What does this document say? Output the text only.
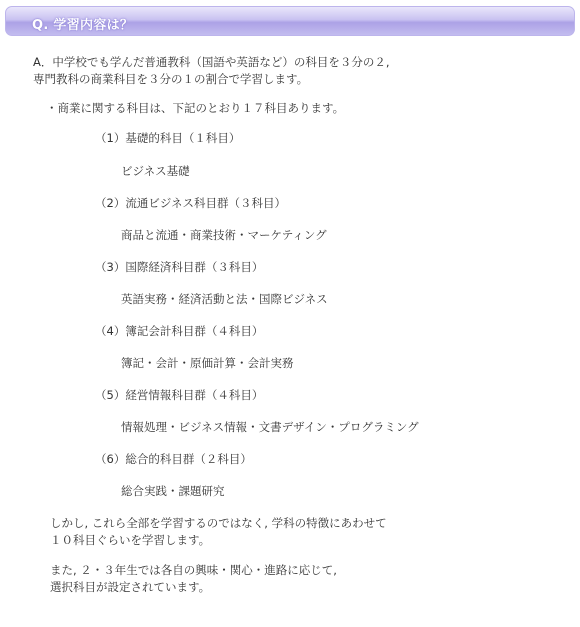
Q. 学習内容は？
A．中学校でも学んだ普通教科（国語や英語など）の科目を３分の２,
専門教科の商業科目を３分の１の割合で学習します。
・商業に関する科目は、下記のとおり１７科目あります。
（1）基礎的科目（１科目）
ビジネス基礎
（2）流通ビジネス科目群（３科目）
商品と流通・商業技術・マーケティング
（3）国際経済科目群（３科目）
英語実務・経済活動と法・国際ビジネス
（4）簿記会計科目群（４科目）
簿記・会計・原価計算・会計実務
（5）経営情報科目群（４科目）
情報処理・ビジネス情報・文書デザイン・プログラミング
（6）総合的科目群（２科目）
総合実践・課題研究
しかし, これら全部を学習するのではなく, 学科の特徴にあわせて
１０科目ぐらいを学習します。
また, ２・３年生では各自の興味・関心・進路に応じて,
選択科目が設定されています。
